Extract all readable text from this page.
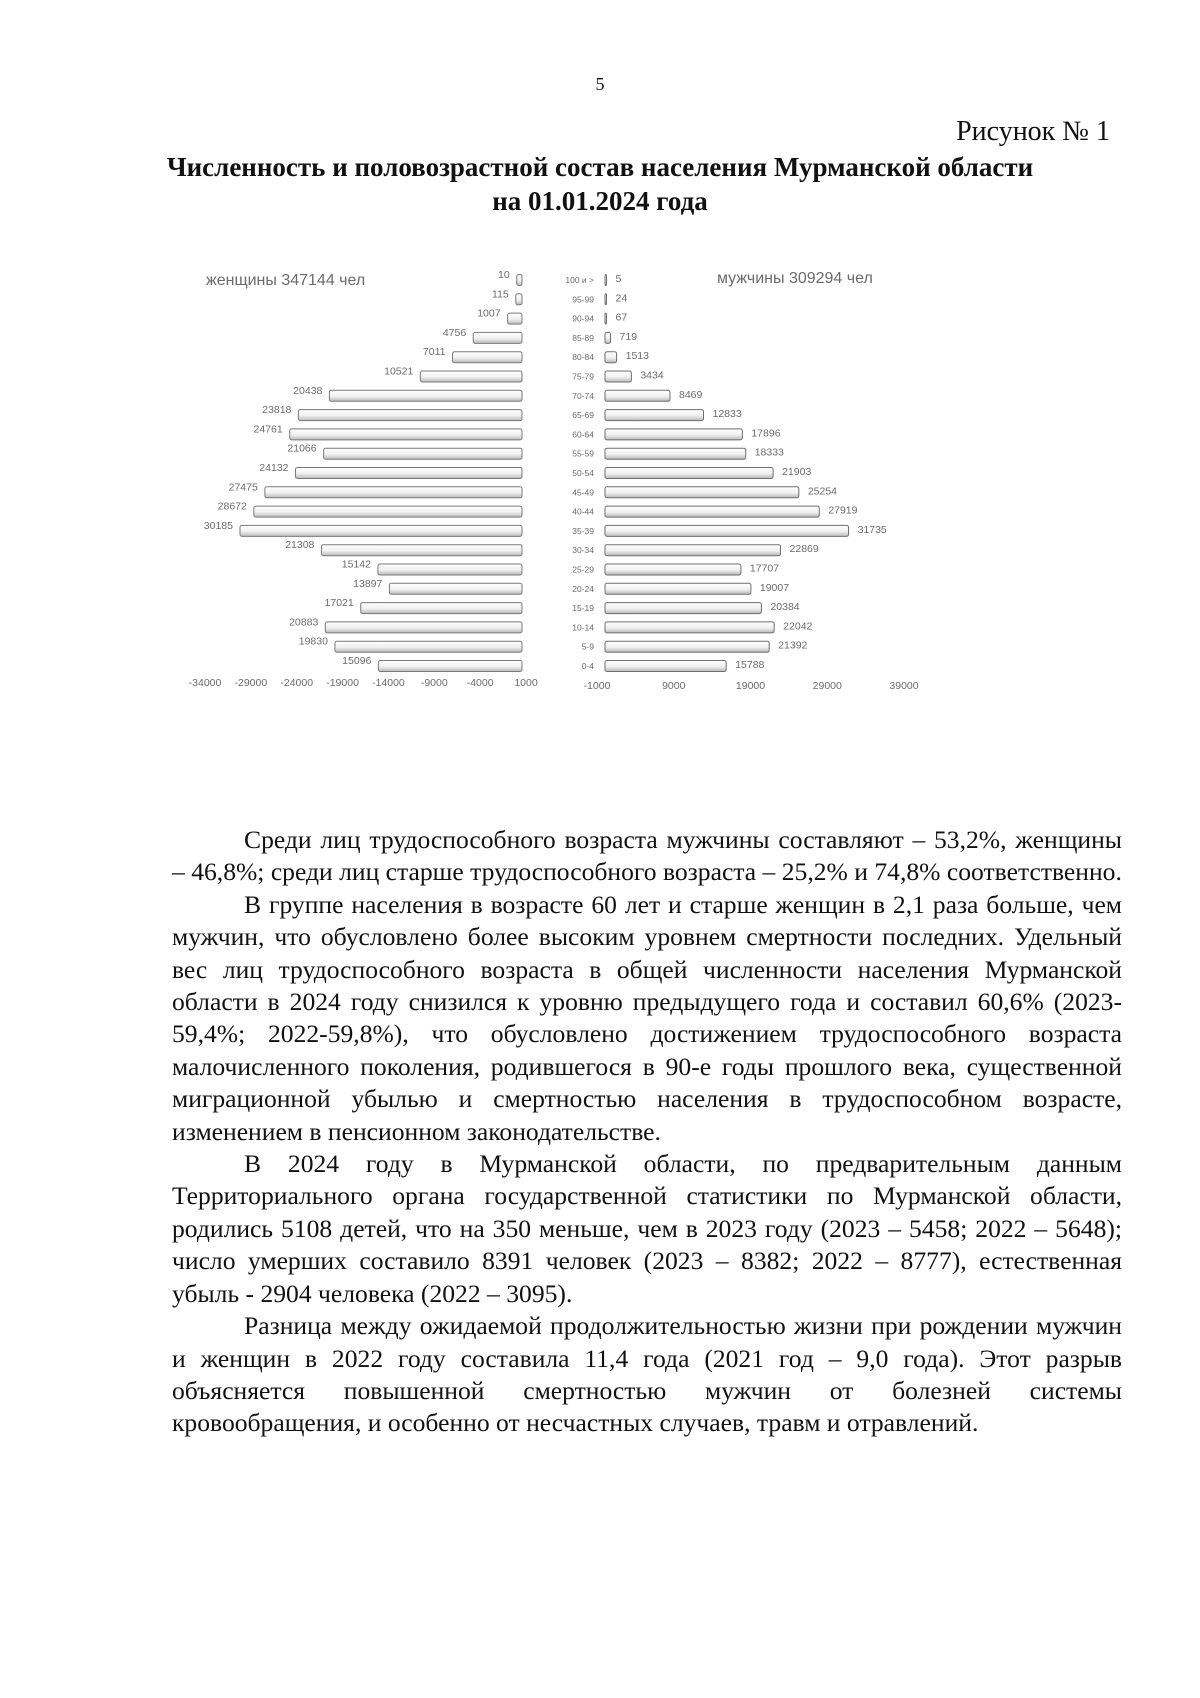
5
Рисунок № 1
Численность и половозрастной состав населения Мурманской области
на 01.01.2024 года
женщины 347144 чел	мужчины 309294 чел
10	100 и > 5
115	95-99 24
1007	90-94 67
4756	85-89 719
7011	80-84	1513
10521	75-79	3434
20438	70-74	8469
23818	65-69	12833
24761	60-64	17896
21066	55-59	18333
24132	50-54	21903
27475	45-49	25254
28672	40-44	27919
30185	35-39	31735
21308	30-34	22869
15142	25-29	17707
13897	20-24	19007
17021	15-19	20384
20883	10-14	22042
19830	5-9	21392
15096	0-4	15788
-34000 -29000 -24000 -19000 -14000 -9000 -4000 1000	-1000	9000	19000	29000	39000

Среди лиц трудоспособного возраста мужчины составляют – 53,2%, женщины – 46,8%; среди лиц старше трудоспособного возраста – 25,2% и 74,8% соответственно.

В группе населения в возрасте 60 лет и старше женщин в 2,1 раза больше, чем мужчин, что обусловлено более высоким уровнем смертности последних. Удельный вес лиц трудоспособного возраста в общей численности населения Мурманской области в 2024 году снизился к уровню предыдущего года и составил 60,6% (2023-59,4%; 2022-59,8%), что обусловлено достижением трудоспособного возраста малочисленного поколения, родившегося в 90-е годы прошлого века, существенной миграционной убылью и смертностью населения в трудоспособном возрасте, изменением в пенсионном законодательстве.

В 2024 году в Мурманской области, по предварительным данным Территориального органа государственной статистики по Мурманской области, родились 5108 детей, что на 350 меньше, чем в 2023 году (2023 – 5458; 2022 – 5648); число умерших составило 8391 человек (2023 – 8382; 2022 – 8777), естественная убыль - 2904 человека (2022 – 3095).

Разница между ожидаемой продолжительностью жизни при рождении мужчин и женщин в 2022 году составила 11,4 года (2021 год – 9,0 года). Этот разрыв объясняется повышенной смертностью мужчин от болезней системы кровообращения, и особенно от несчастных случаев, травм и отравлений.
